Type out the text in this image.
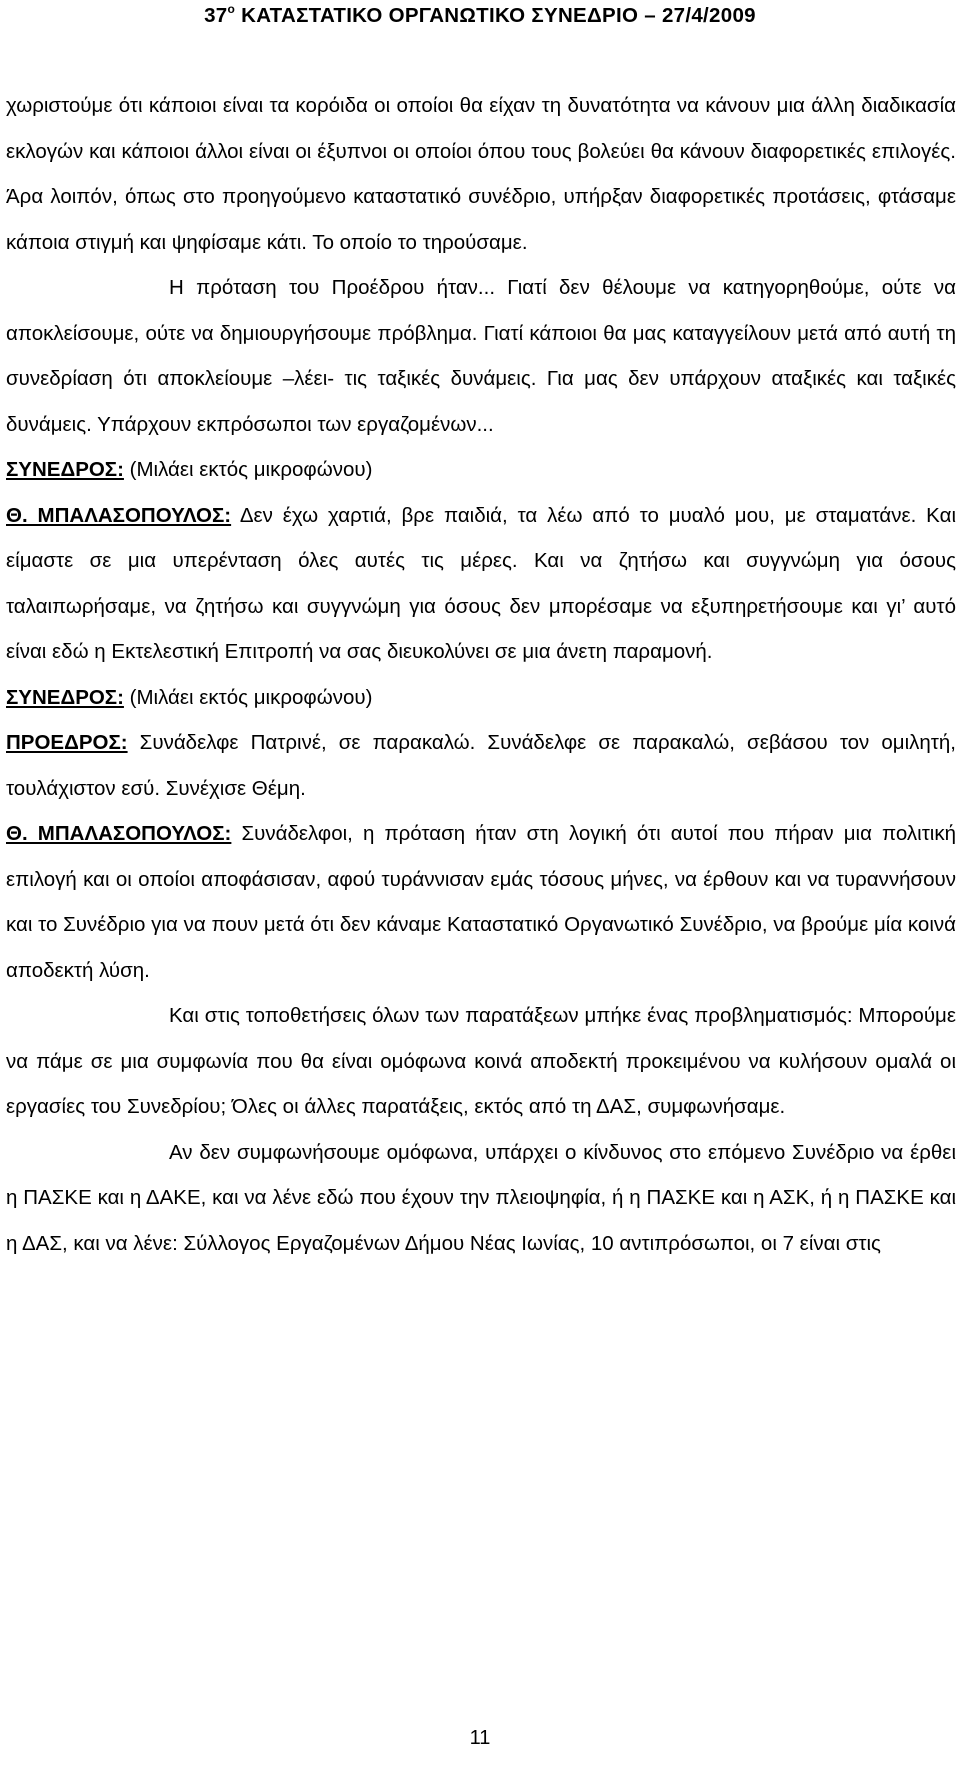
$37^o$ ΚΑΤΑΣΤΑΤΙΚΟ ΟΡΓΑΝΩΤΙΚΟ ΣΥΝΕΔΡΙΟ – 27/4/2009

χωριστούμε ότι κάποιοι είναι τα κορόιδα οι οποίοι θα είχαν τη δυνατότητα να κάνουν μια άλλη διαδικασία εκλογών και κάποιοι άλλοι είναι οι έξυπνοι οι οποίοι όπου τους βολεύει θα κάνουν διαφορετικές επιλογές. Άρα λοιπόν, όπως στο προηγούμενο καταστατικό συνέδριο, υπήρξαν διαφορετικές προτάσεις, φτάσαμε κάποια στιγμή και ψηφίσαμε κάτι. Το οποίο το τηρούσαμε.

Η πρόταση του Προέδρου ήταν... Γιατί δεν θέλουμε να κατηγορηθούμε, ούτε να αποκλείσουμε, ούτε να δημιουργήσουμε πρόβλημα. Γιατί κάποιοι θα μας καταγγείλουν μετά από αυτή τη συνεδρίαση ότι αποκλείουμε –λέει- τις ταξικές δυνάμεις. Για μας δεν υπάρχουν αταξικές και ταξικές δυνάμεις. Υπάρχουν εκπρόσωποι των εργαζομένων...

ΣΥΝΕΔΡΟΣ: (Μιλάει εκτός μικροφώνου)

Θ. ΜΠΑΛΑΣΟΠΟΥΛΟΣ: Δεν έχω χαρτιά, βρε παιδιά, τα λέω από το μυαλό μου, με σταματάνε. Και είμαστε σε μια υπερένταση όλες αυτές τις μέρες. Και να ζητήσω και συγγνώμη για όσους ταλαιπωρήσαμε, να ζητήσω και συγγνώμη για όσους δεν μπορέσαμε να εξυπηρετήσουμε και γι’ αυτό είναι εδώ η Εκτελεστική Επιτροπή να σας διευκολύνει σε μια άνετη παραμονή.

ΣΥΝΕΔΡΟΣ: (Μιλάει εκτός μικροφώνου)

ΠΡΟΕΔΡΟΣ: Συνάδελφε Πατρινέ, σε παρακαλώ. Συνάδελφε σε παρακαλώ, σεβάσου τον ομιλητή, τουλάχιστον εσύ. Συνέχισε Θέμη.

Θ. ΜΠΑΛΑΣΟΠΟΥΛΟΣ: Συνάδελφοι, η πρόταση ήταν στη λογική ότι αυτοί που πήραν μια πολιτική επιλογή και οι οποίοι αποφάσισαν, αφού τυράννισαν εμάς τόσους μήνες, να έρθουν και να τυραννήσουν και το Συνέδριο για να πουν μετά ότι δεν κάναμε Καταστατικό Οργανωτικό Συνέδριο, να βρούμε μία κοινά αποδεκτή λύση.

Και στις τοποθετήσεις όλων των παρατάξεων μπήκε ένας προβληματισμός: Μπορούμε να πάμε σε μια συμφωνία που θα είναι ομόφωνα κοινά αποδεκτή προκειμένου να κυλήσουν ομαλά οι εργασίες του Συνεδρίου; Όλες οι άλλες παρατάξεις, εκτός από τη ΔΑΣ, συμφωνήσαμε.

Αν δεν συμφωνήσουμε ομόφωνα, υπάρχει ο κίνδυνος στο επόμενο Συνέδριο να έρθει η ΠΑΣΚΕ και η ΔΑΚΕ, και να λένε εδώ που έχουν την πλειοψηφία, ή η ΠΑΣΚΕ και η ΑΣΚ, ή η ΠΑΣΚΕ και η ΔΑΣ, και να λένε: Σύλλογος Εργαζομένων Δήμου Νέας Ιωνίας, 10 αντιπρόσωποι, οι 7 είναι στις

11
